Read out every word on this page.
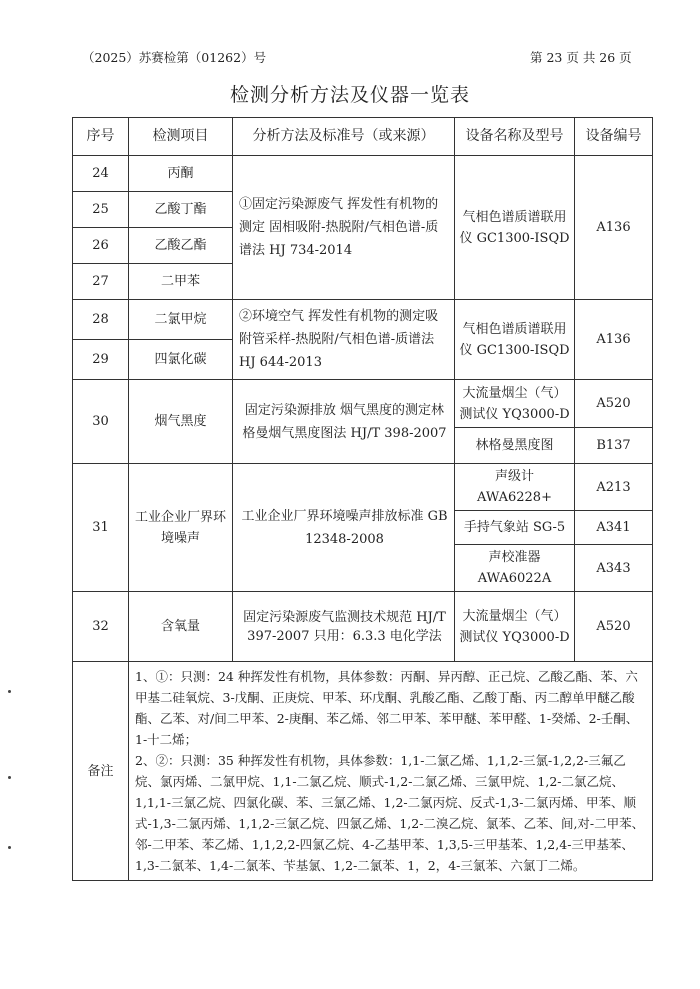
（2025）苏赛检第（01262）号	第 23 页 共 26 页
检测分析方法及仪器一览表
序号	检测项目	分析方法及标准号（或来源）	设备名称及型号	设备编号
24	丙酮	①固定污染源废气 挥发性有机物的测定 固相吸附-热脱附/气相色谱-质谱法 HJ 734-2014	气相色谱质谱联用仪 GC1300-ISQD	A136
25	乙酸丁酯			
26	乙酸乙酯			
27	二甲苯			
28	二氯甲烷	②环境空气 挥发性有机物的测定吸附管采样-热脱附/气相色谱-质谱法 HJ 644-2013	气相色谱质谱联用仪 GC1300-ISQD	A136
29	四氯化碳			
30	烟气黑度	固定污染源排放 烟气黑度的测定林格曼烟气黑度图法 HJ/T 398-2007	大流量烟尘（气）测试仪 YQ3000-D	A520
			林格曼黑度图	B137
31	工业企业厂界环境噪声	工业企业厂界环境噪声排放标准 GB 12348-2008	声级计 AWA6228+	A213
			手持气象站 SG-5	A341
			声校准器 AWA6022A	A343
32	含氧量	固定污染源废气监测技术规范 HJ/T 397-2007 只用：6.3.3 电化学法	大流量烟尘（气）测试仪 YQ3000-D	A520
备注	1、①：只测：24 种挥发性有机物，具体参数：丙酮、异丙醇、正己烷、乙酸乙酯、苯、六甲基二硅氧烷、3-戊酮、正庚烷、甲苯、环戊酮、乳酸乙酯、乙酸丁酯、丙二醇单甲醚乙酸酯、乙苯、对/间二甲苯、2-庚酮、苯乙烯、邻二甲苯、苯甲醚、苯甲醛、1-癸烯、2-壬酮、1-十二烯；
2、②：只测：35 种挥发性有机物，具体参数：1,1-二氯乙烯、1,1,2-三氯-1,2,2-三氟乙烷、氯丙烯、二氯甲烷、1,1-二氯乙烷、顺式-1,2-二氯乙烯、三氯甲烷、1,2-二氯乙烷、1,1,1-三氯乙烷、四氯化碳、苯、三氯乙烯、1,2-二氯丙烷、反式-1,3-二氯丙烯、甲苯、顺式-1,3-二氯丙烯、1,1,2-三氯乙烷、四氯乙烯、1,2-二溴乙烷、氯苯、乙苯、间,对-二甲苯、邻-二甲苯、苯乙烯、1,1,2,2-四氯乙烷、4-乙基甲苯、1,3,5-三甲基苯、1,2,4-三甲基苯、1,3-二氯苯、1,4-二氯苯、苄基氯、1,2-二氯苯、1，2，4-三氯苯、六氯丁二烯。			
